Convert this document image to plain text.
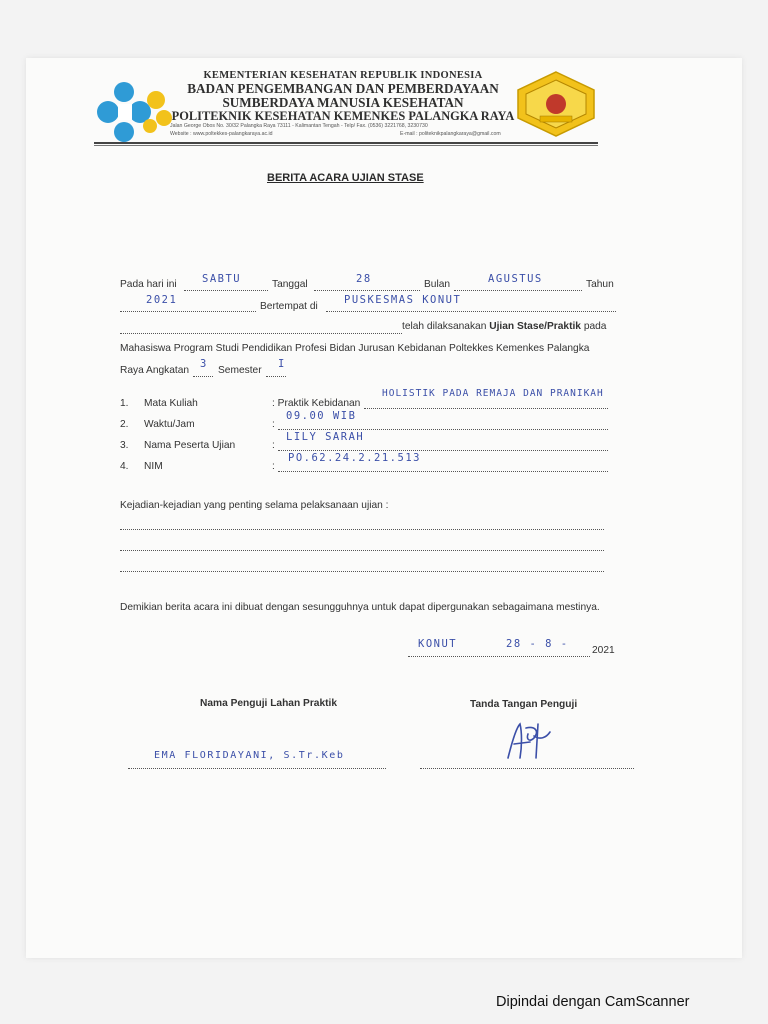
KEMENTERIAN KESEHATAN REPUBLIK INDONESIA
BADAN PENGEMBANGAN DAN PEMBERDAYAAN
SUMBERDAYA MANUSIA KESEHATAN
POLITEKNIK KESEHATAN KEMENKES PALANGKA RAYA
Jalan George Obos No. 30/32 Palangka Raya 73111 - Kalimantan Tengah - Telp/ Fax. (0536) 3221768, 3230730
Website : www.poltekkes-palangkaraya.ac.id	E-mail : politeknikpalangkaraya@gmail.com
BERITA ACARA UJIAN STASE
Pada hari ini SABTU	Tanggal	28	Bulan	AGUSTUS	Tahun
2021
Bertempat di
PUSKESMAS KONUT
telah dilaksanakan Ujian Stase/Praktik pada
Mahasiswa Program Studi Pendidikan Profesi Bidan Jurusan Kebidanan Poltekkes Kemenkes Palangka
Raya Angkatan
3
Semester
I
1. Mata Kuliah	: Praktik Kebidanan
HOLISTIK PADA REMAJA DAN PRANIKAH
2. Waktu/Jam	:
09.00 WIB
3. Nama Peserta Ujian	:
LILY SARAH
4. NIM	:
PO.62.24.2.21.513
Kejadian-kejadian yang penting selama pelaksanaan ujian :
Demikian berita acara ini dibuat dengan sesungguhnya untuk dapat dipergunakan sebagaimana mestinya.
KONUT	28 - 8 -
2021
Nama Penguji Lahan Praktik	Tanda Tangan Penguji
EMA FLORIDAYANI, S.Tr.Keb
Dipindai dengan CamScanner
